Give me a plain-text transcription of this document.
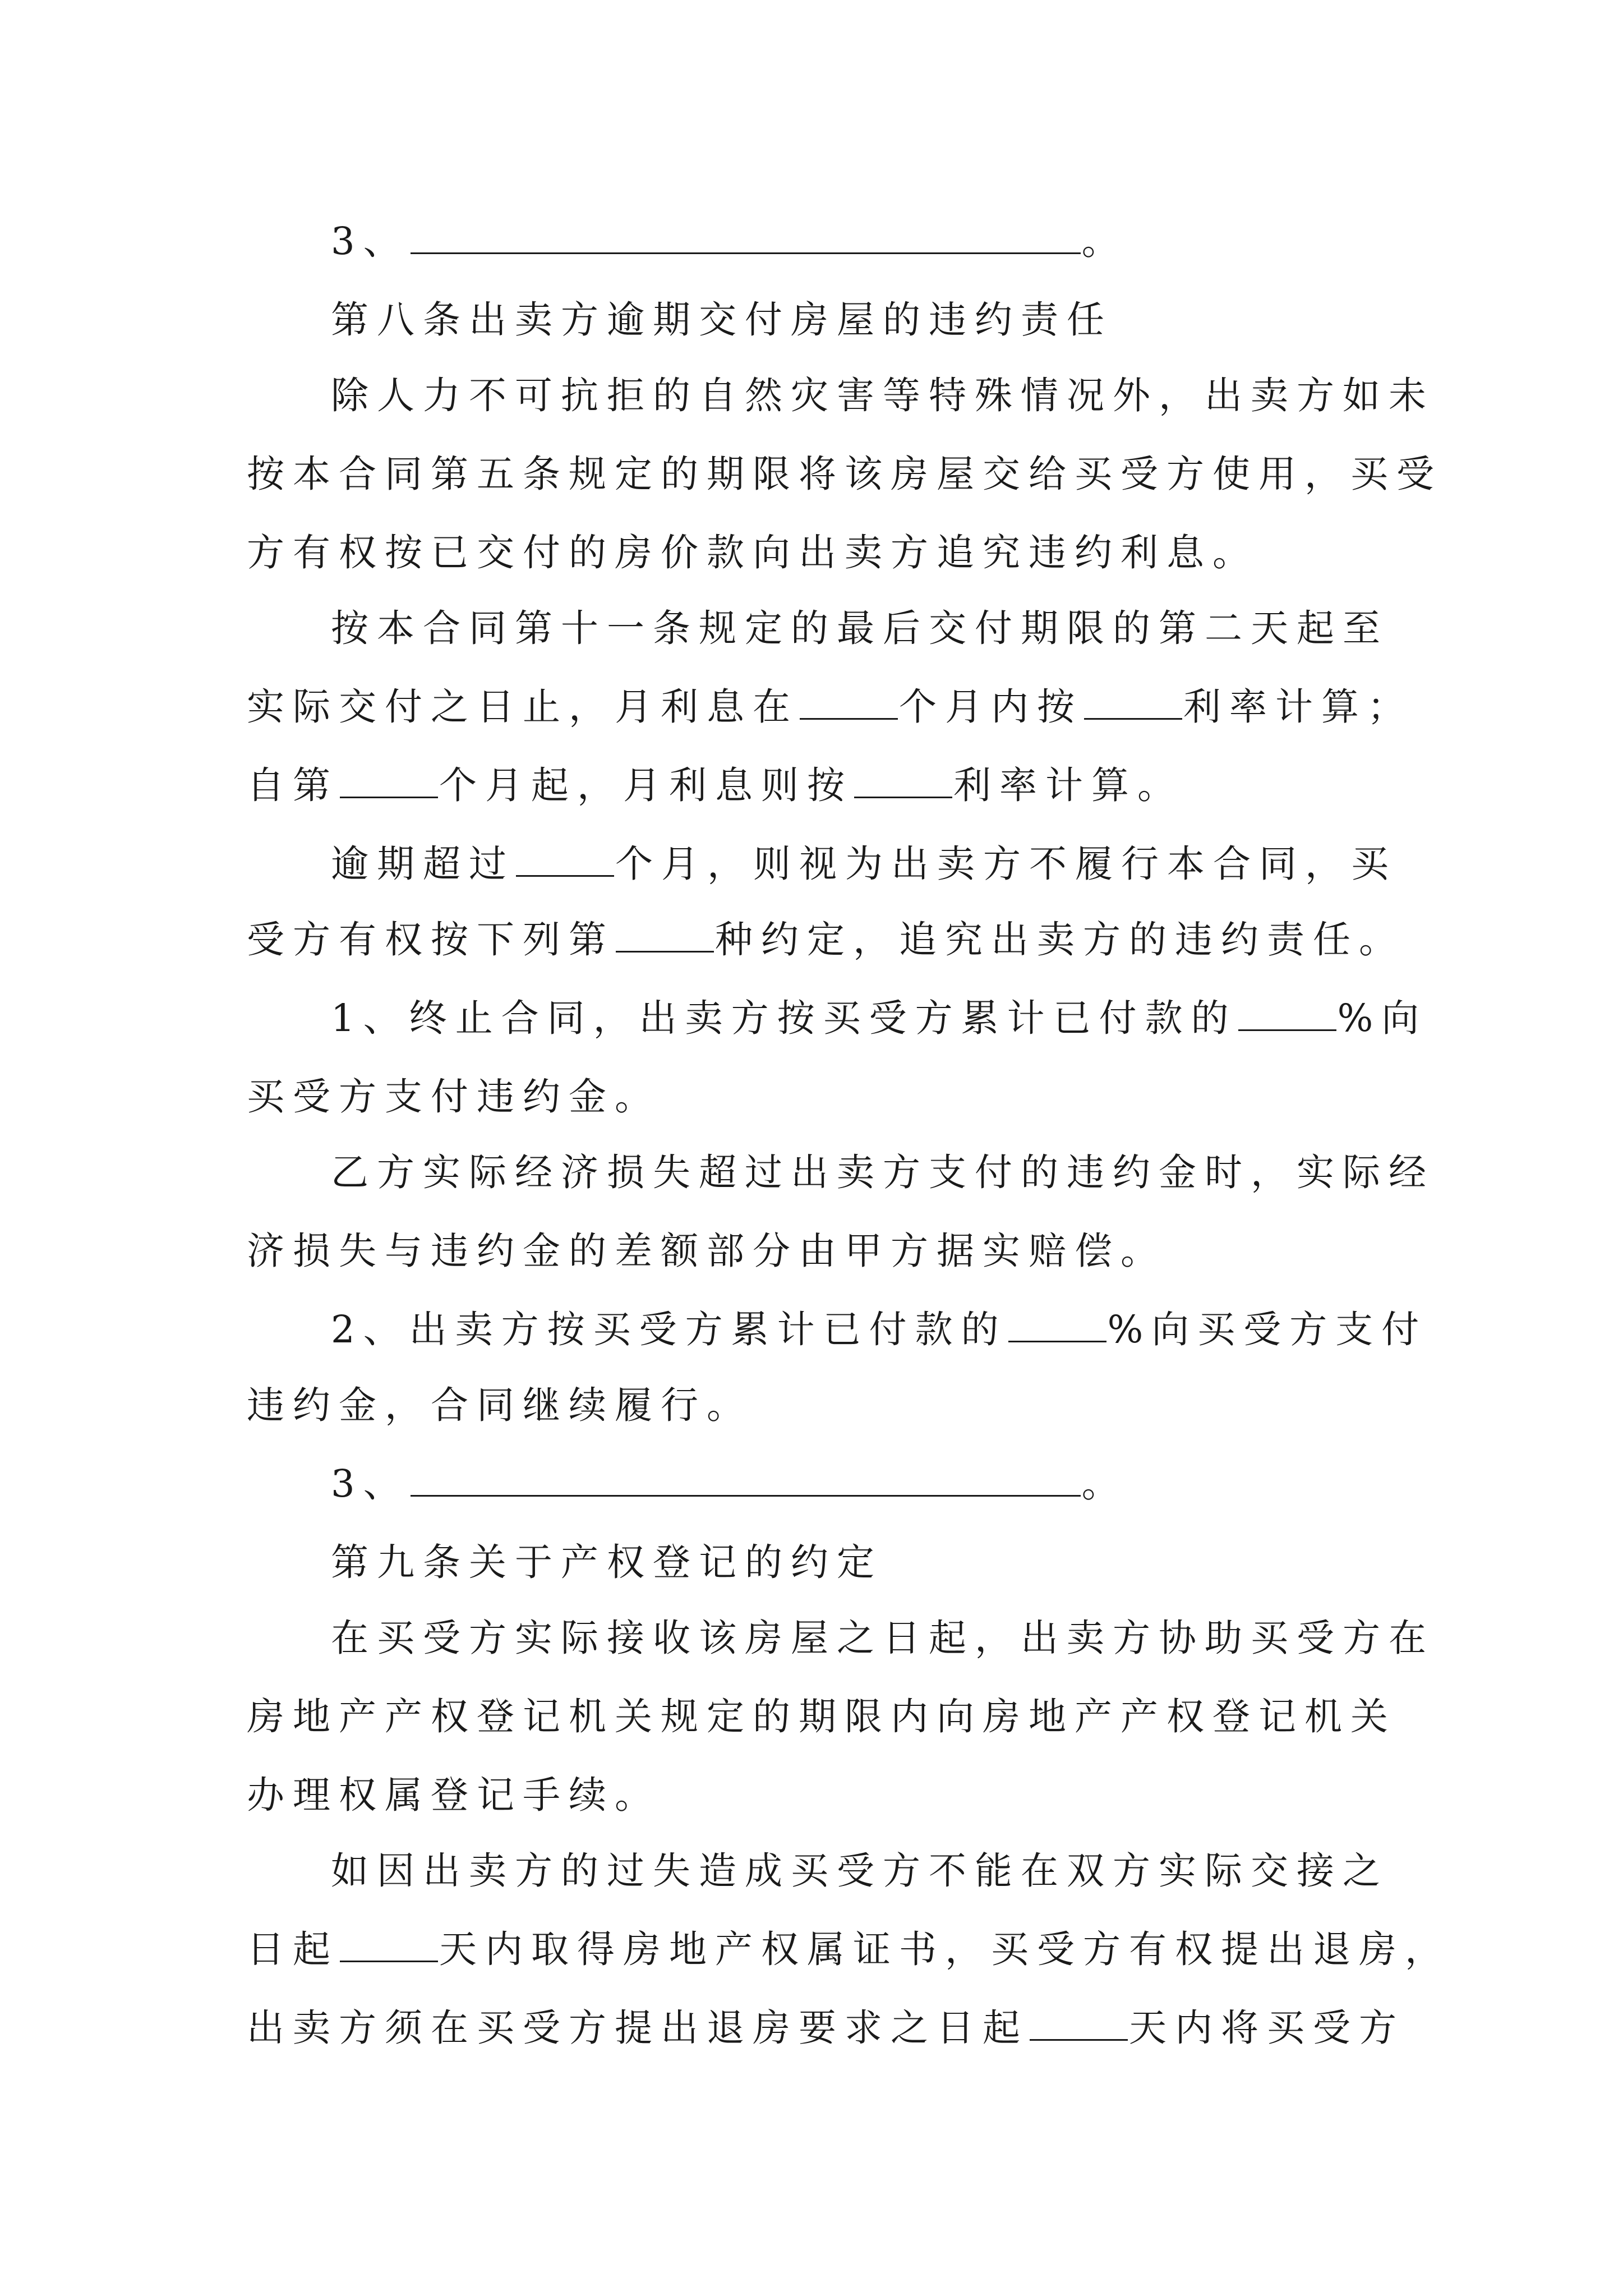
3、	。
第八条出卖方逾期交付房屋的违约责任
除人力不可抗拒的自然灾害等特殊情况外，出卖方如未
按本合同第五条规定的期限将该房屋交给买受方使用，买受
方有权按已交付的房价款向出卖方追究违约利息。
按本合同第十一条规定的最后交付期限的第二天起至
实际交付之日止，月利息在	个月内按	利率计算；
自第	个月起，月利息则按	利率计算。
逾期超过	个月，则视为出卖方不履行本合同，买
受方有权按下列第	种约定，追究出卖方的违约责任。
1、终止合同，出卖方按买受方累计已付款的	%向
买受方支付违约金。
乙方实际经济损失超过出卖方支付的违约金时，实际经
济损失与违约金的差额部分由甲方据实赔偿。
2、出卖方按买受方累计已付款的	%向买受方支付
违约金，合同继续履行。
3、	。
第九条关于产权登记的约定
在买受方实际接收该房屋之日起，出卖方协助买受方在
房地产产权登记机关规定的期限内向房地产产权登记机关
办理权属登记手续。
如因出卖方的过失造成买受方不能在双方实际交接之
日起	天内取得房地产权属证书，买受方有权提出退房，
出卖方须在买受方提出退房要求之日起	天内将买受方
